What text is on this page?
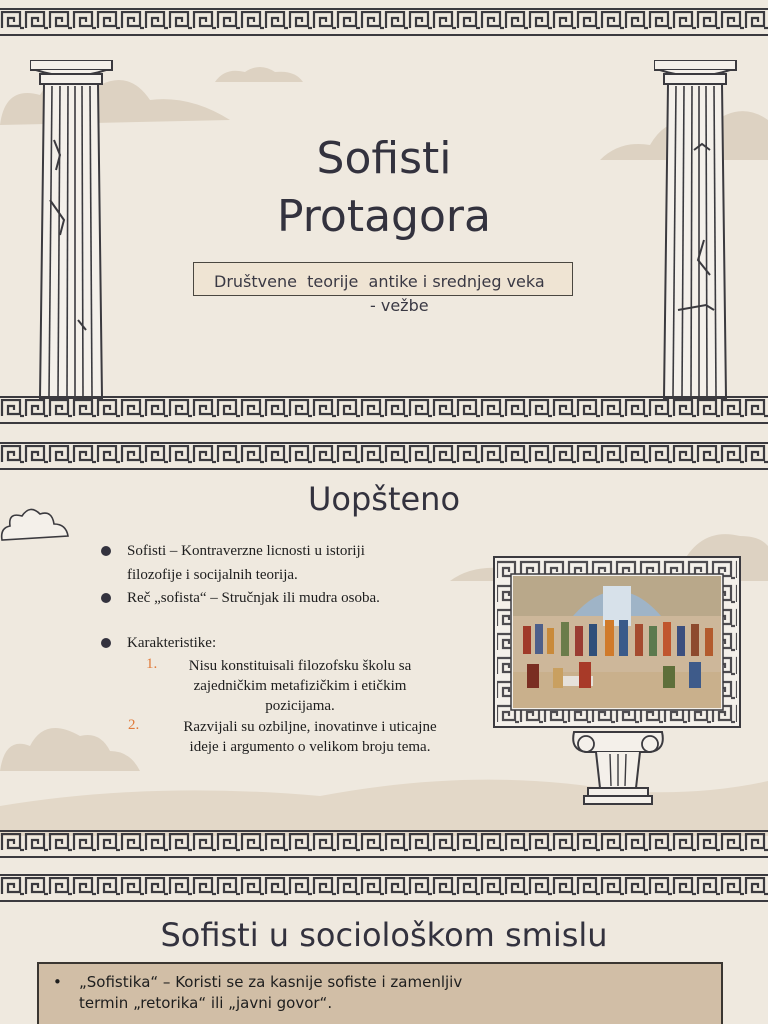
Sofisti
Protagora
Društvene  teorije  antike i srednjeg veka
- vežbe
Uopšteno
Sofisti – Kontraverzne licnosti u istoriji
filozofije i socijalnih teorija.
Reč „sofista“ – Stručnjak ili mudra osoba.
Karakteristike:
1.	Nisu konstituisali filozofsku školu sa
zajedničkim metafizičkim i etičkim
pozicijama.
2.	Razvijali su ozbiljne, inovatinve i uticajne
ideje i argumento o velikom broju tema.
Sofisti u sociološkom smislu
• „Sofistika“ – Koristi se za kasnije sofiste i zamenljiv
termin „retorika“ ili „javni govor“.
